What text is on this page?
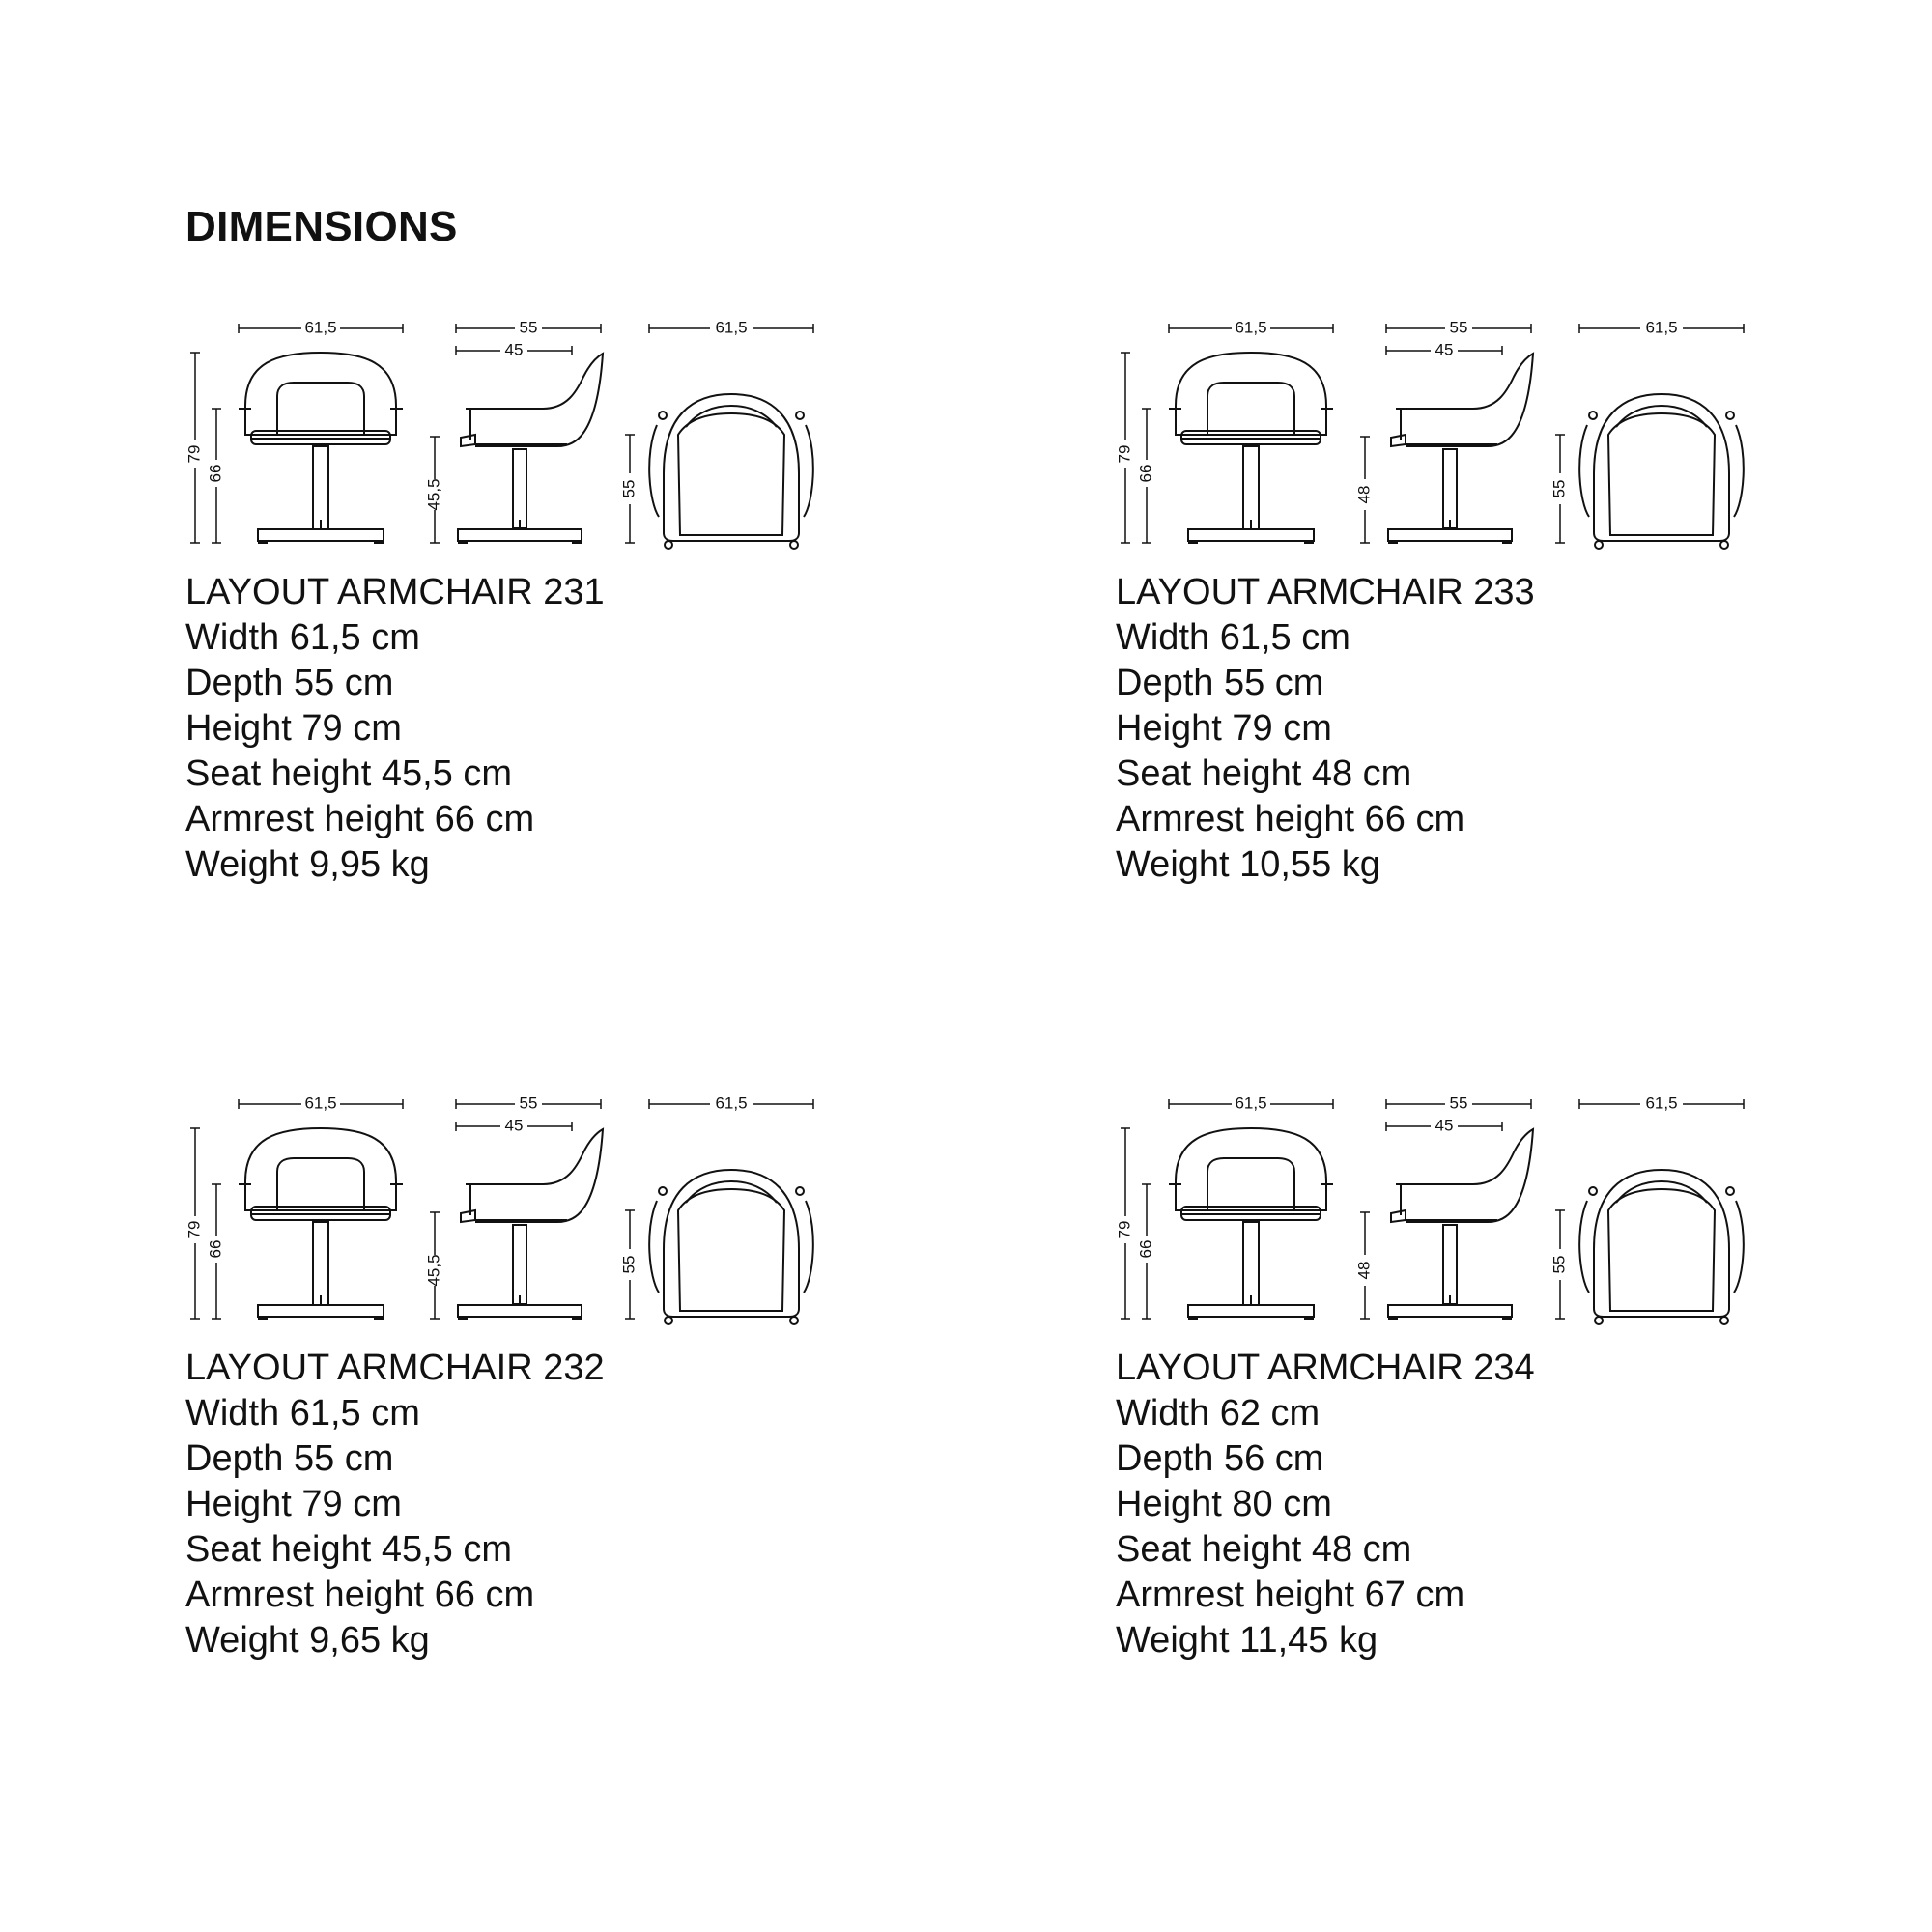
DIMENSIONS
61,5
79
66
55
45
45,5
61,5
55
LAYOUT ARMCHAIR 231
Width 61,5 cm
Depth 55 cm
Height 79 cm
Seat height 45,5 cm
Armrest height 66 cm
Weight 9,95 kg
61,5
79
66
55
45
48
61,5
55
LAYOUT ARMCHAIR 233
Width 61,5 cm
Depth 55 cm
Height 79 cm
Seat height 48 cm
Armrest height 66 cm
Weight 10,55 kg
61,5
79
66
55
45
45,5
61,5
55
LAYOUT ARMCHAIR 232
Width 61,5 cm
Depth 55 cm
Height 79 cm
Seat height 45,5 cm
Armrest height 66 cm
Weight 9,65 kg
61,5
79
66
55
45
48
61,5
55
LAYOUT ARMCHAIR 234
Width 62 cm
Depth 56 cm
Height 80 cm
Seat height 48 cm
Armrest height 67 cm
Weight 11,45 kg
